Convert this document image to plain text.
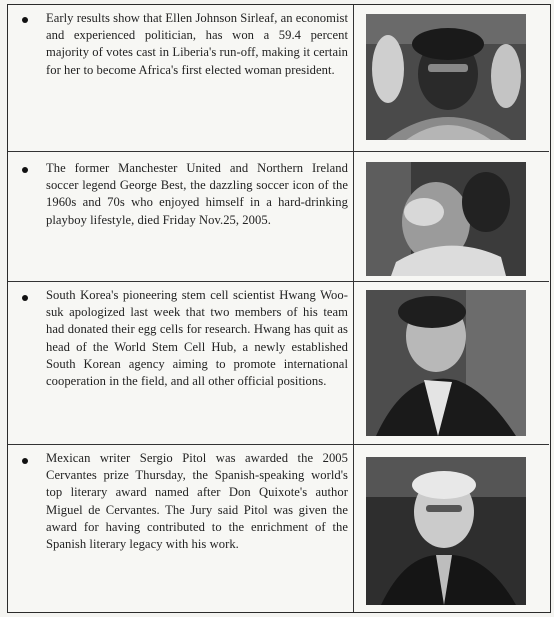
Early results show that Ellen Johnson Sirleaf, an economist and experienced politician, has won a 59.4 percent majority of votes cast in Liberia's run-off, making it certain for her to become Africa's first elected woman president.

The former Manchester United and Northern Ireland soccer legend George Best, the dazzling soccer icon of the 1960s and 70s who enjoyed himself in a hard-drinking playboy lifestyle, died Friday Nov.25, 2005.

South Korea's pioneering stem cell scientist Hwang Woo-suk apologized last week that two members of his team had donated their egg cells for research. Hwang has quit as head of the World Stem Cell Hub, a newly established South Korean agency aiming to promote international cooperation in the field, and all other official positions.

Mexican writer Sergio Pitol was awarded the 2005 Cervantes prize Thursday, the Spanish-speaking world's top literary award named after Don Quixote's author Miguel de Cervantes. The Jury said Pitol was given the award for having contributed to the enrichment of the Spanish literary legacy with his work.
